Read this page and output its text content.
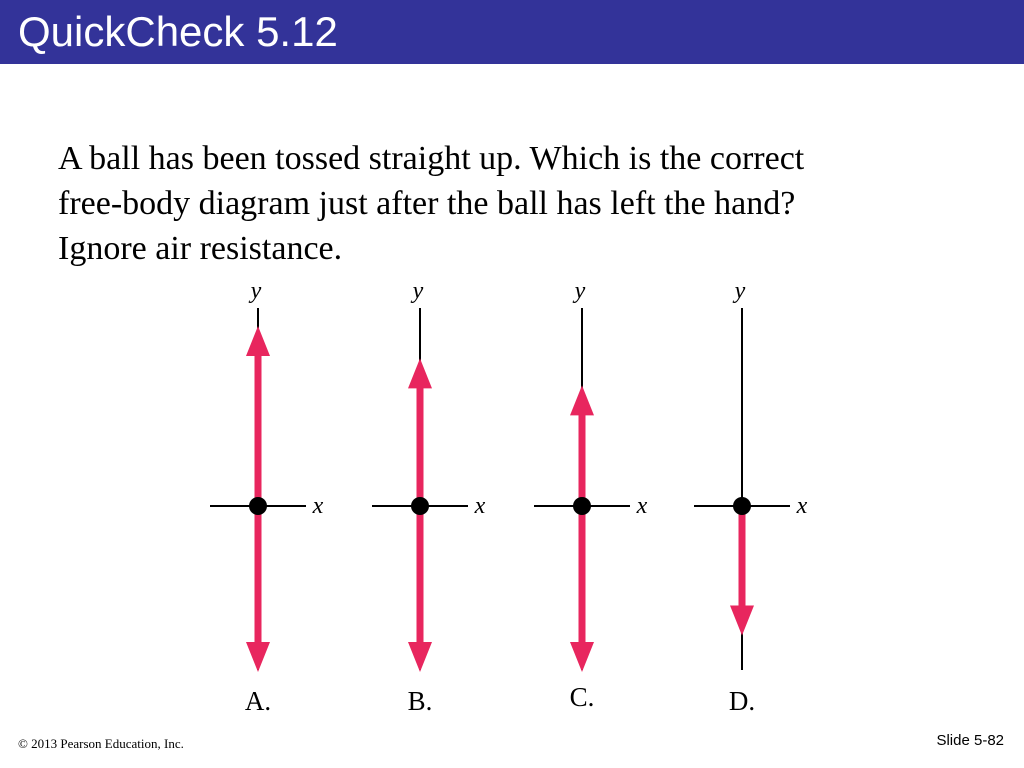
QuickCheck 5.12
A ball has been tossed straight up. Which is the correct
free-body diagram just after the ball has left the hand?
Ignore air resistance.
y
x
A.
y
x
B.
y
x
C.
y
x
D.
© 2013 Pearson Education, Inc.	Slide 5-82
